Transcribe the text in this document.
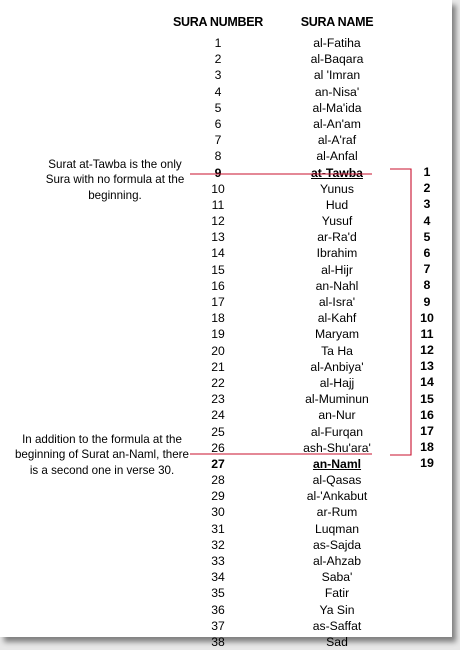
SURA NUMBER	SURA NAME
1
2
3
4
5
6
7
8
9
10
11
12
13
14
15
16
17
18
19
20
21
22
23
24
25
26
27
28
29
30
31
32
33
34
35
36
37
38
al-Fatiha
al-Baqara
al 'Imran
an-Nisa'
al-Ma'ida
al-An'am
al-A'raf
al-Anfal
at-Tawba
Yunus
Hud
Yusuf
ar-Ra'd
Ibrahim
al-Hijr
an-Nahl
al-Isra'
al-Kahf
Maryam
Ta Ha
al-Anbiya'
al-Hajj
al-Muminun
an-Nur
al-Furqan
ash-Shu'ara'
an-Naml
al-Qasas
al-'Ankabut
ar-Rum
Luqman
as-Sajda
al-Ahzab
Saba'
Fatir
Ya Sin
as-Saffat
Sad
1
2
3
4
5
6
7
8
9
10
11
12
13
14
15
16
17
18
19
Surat at-Tawba is the only Sura with no formula at the beginning.
In addition to the formula at the beginning of Surat an-Naml, there is a second one in verse 30.
